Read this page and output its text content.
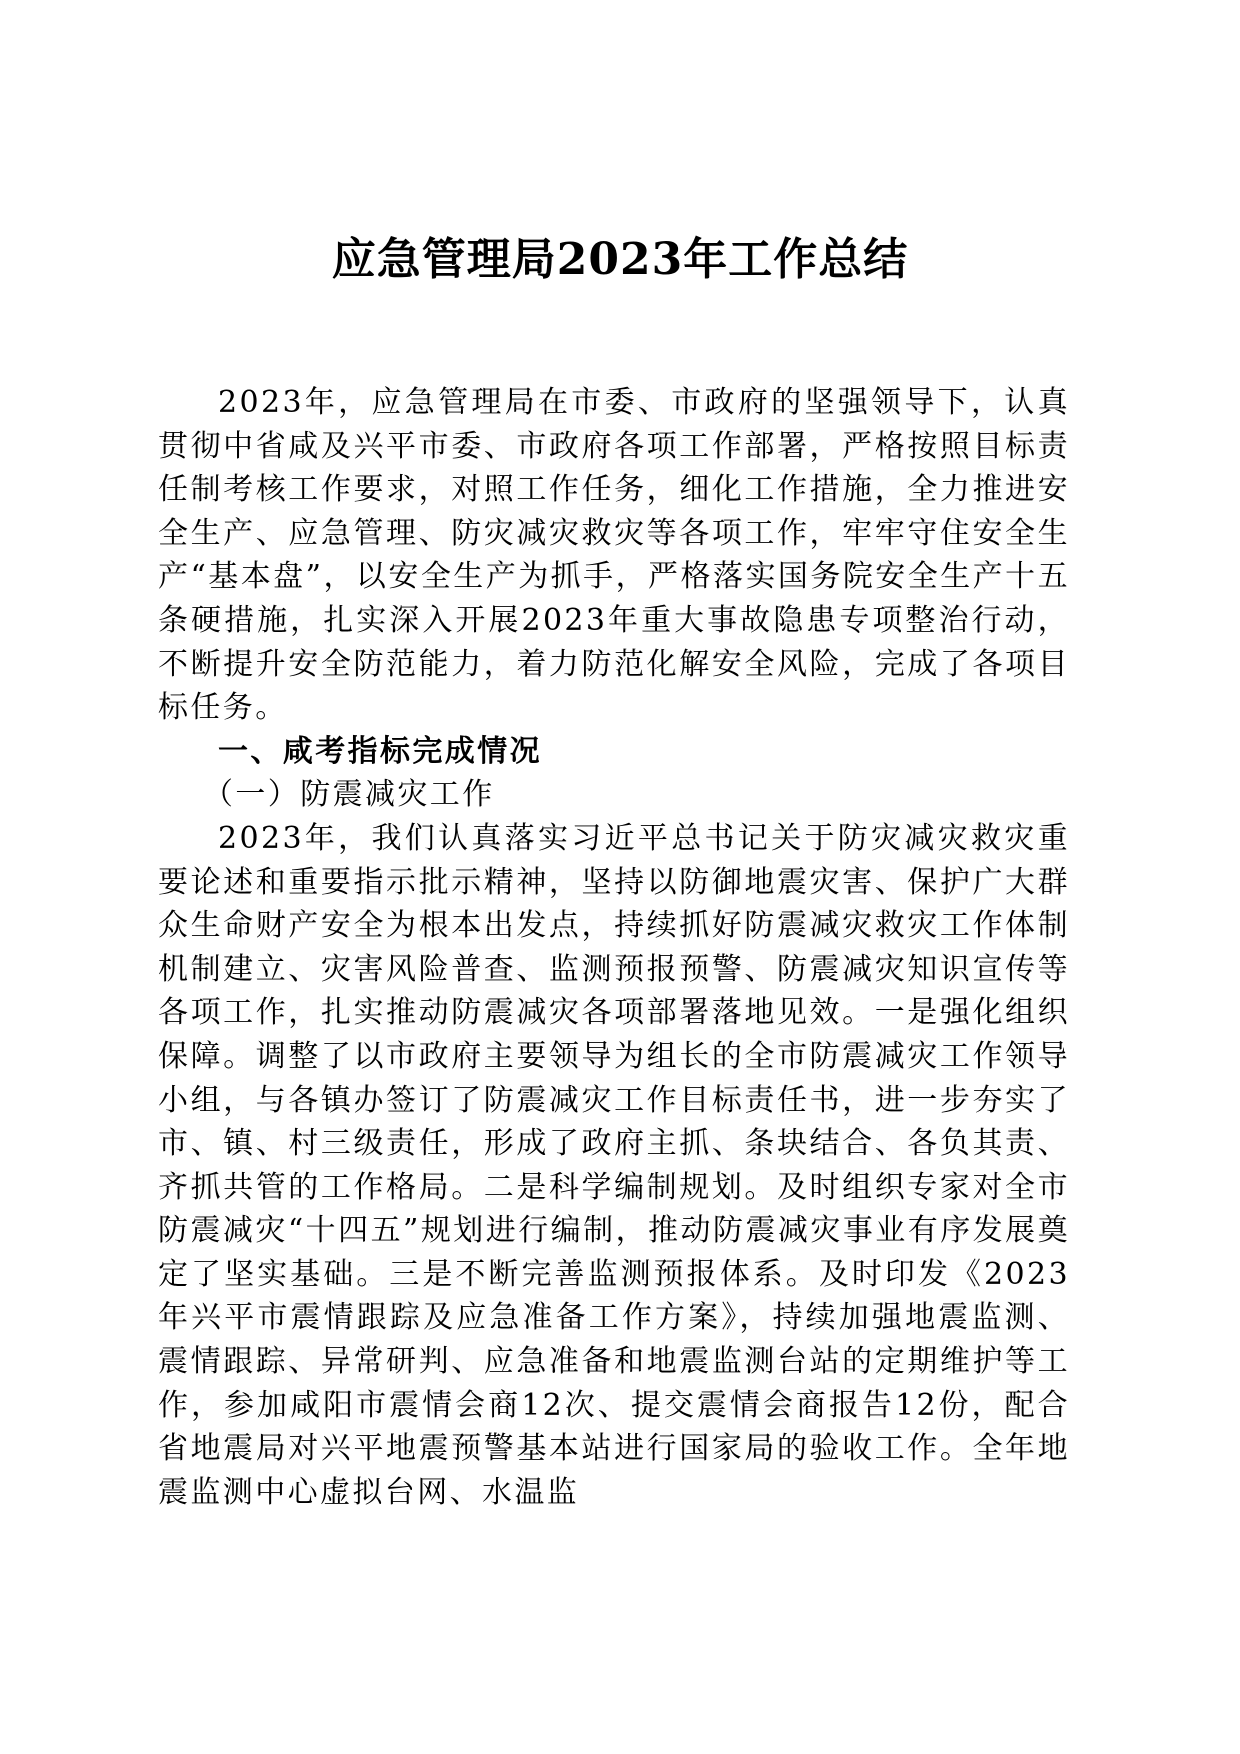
应急管理局2023年工作总结

2023年，应急管理局在市委、市政府的坚强领导下，认真贯彻中省咸及兴平市委、市政府各项工作部署，严格按照目标责任制考核工作要求，对照工作任务，细化工作措施，全力推进安全生产、应急管理、防灾减灾救灾等各项工作，牢牢守住安全生产“基本盘”，以安全生产为抓手，严格落实国务院安全生产十五条硬措施，扎实深入开展2023年重大事故隐患专项整治行动，不断提升安全防范能力，着力防范化解安全风险，完成了各项目标任务。

一、咸考指标完成情况

（一）防震减灾工作

2023年，我们认真落实习近平总书记关于防灾减灾救灾重要论述和重要指示批示精神，坚持以防御地震灾害、保护广大群众生命财产安全为根本出发点，持续抓好防震减灾救灾工作体制机制建立、灾害风险普查、监测预报预警、防震减灾知识宣传等各项工作，扎实推动防震减灾各项部署落地见效。一是强化组织保障。调整了以市政府主要领导为组长的全市防震减灾工作领导小组，与各镇办签订了防震减灾工作目标责任书，进一步夯实了市、镇、村三级责任，形成了政府主抓、条块结合、各负其责、齐抓共管的工作格局。二是科学编制规划。及时组织专家对全市防震减灾“十四五”规划进行编制，推动防震减灾事业有序发展奠定了坚实基础。三是不断完善监测预报体系。及时印发《2023年兴平市震情跟踪及应急准备工作方案》，持续加强地震监测、震情跟踪、异常研判、应急准备和地震监测台站的定期维护等工作，参加咸阳市震情会商12次、提交震情会商报告12份，配合省地震局对兴平地震预警基本站进行国家局的验收工作。全年地震监测中心虚拟台网、水温监
